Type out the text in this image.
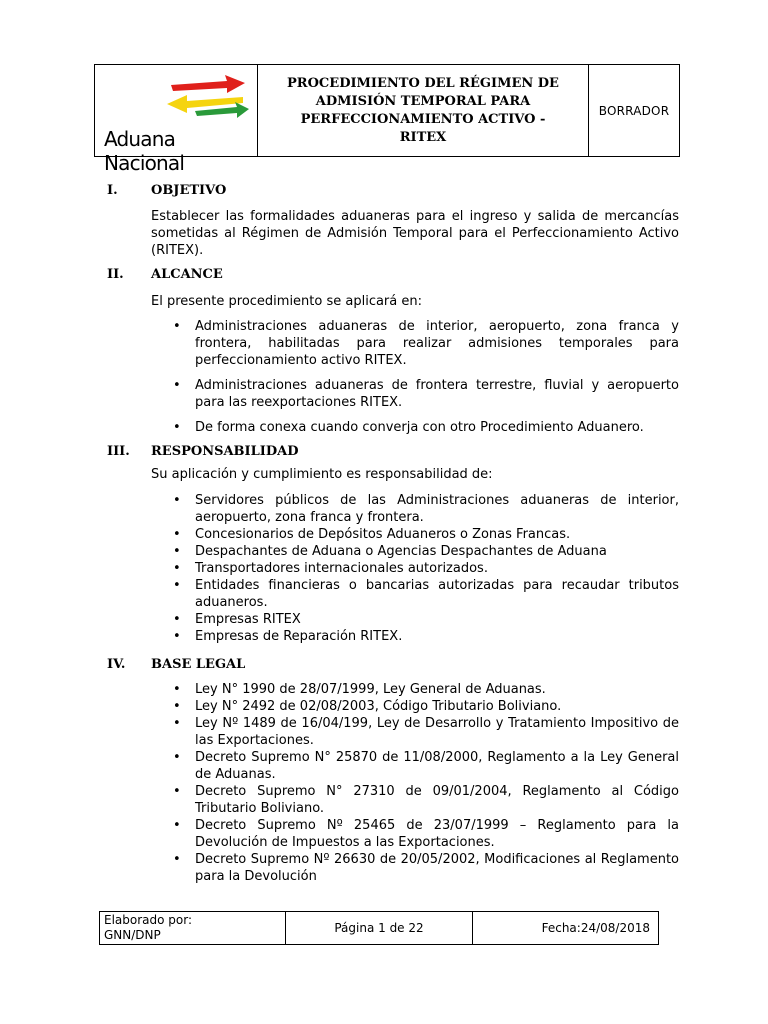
Aduana Nacional
PROCEDIMIENTO DEL RÉGIMEN DE ADMISIÓN TEMPORAL PARA PERFECCIONAMIENTO ACTIVO - RITEX
BORRADOR
I.	OBJETIVO
Establecer las formalidades aduaneras para el ingreso y salida de mercancías sometidas al Régimen de Admisión Temporal para el Perfeccionamiento Activo (RITEX).
II.	ALCANCE
El presente procedimiento se aplicará en:
• Administraciones aduaneras de interior, aeropuerto, zona franca y frontera, habilitadas para realizar admisiones temporales para perfeccionamiento activo RITEX.
• Administraciones aduaneras de frontera terrestre, fluvial y aeropuerto para las reexportaciones RITEX.
• De forma conexa cuando converja con otro Procedimiento Aduanero.
III.	RESPONSABILIDAD
Su aplicación y cumplimiento es responsabilidad de:
• Servidores públicos de las Administraciones aduaneras de interior, aeropuerto, zona franca y frontera.
• Concesionarios de Depósitos Aduaneros o Zonas Francas.
• Despachantes de Aduana o Agencias Despachantes de Aduana
• Transportadores internacionales autorizados.
• Entidades financieras o bancarias autorizadas para recaudar tributos aduaneros.
• Empresas RITEX
• Empresas de Reparación RITEX.
IV.	BASE LEGAL
• Ley N° 1990 de 28/07/1999, Ley General de Aduanas.
• Ley N° 2492 de 02/08/2003, Código Tributario Boliviano.
• Ley Nº 1489 de 16/04/199, Ley de Desarrollo y Tratamiento Impositivo de las Exportaciones.
• Decreto Supremo N° 25870 de 11/08/2000, Reglamento a la Ley General de Aduanas.
• Decreto Supremo N° 27310 de 09/01/2004, Reglamento al Código Tributario Boliviano.
• Decreto Supremo Nº 25465 de 23/07/1999 – Reglamento para la Devolución de Impuestos a las Exportaciones.
• Decreto Supremo Nº 26630 de 20/05/2002, Modificaciones al Reglamento para la Devolución
Elaborado por:
GNN/DNP	Página 1 de 22	Fecha:24/08/2018
